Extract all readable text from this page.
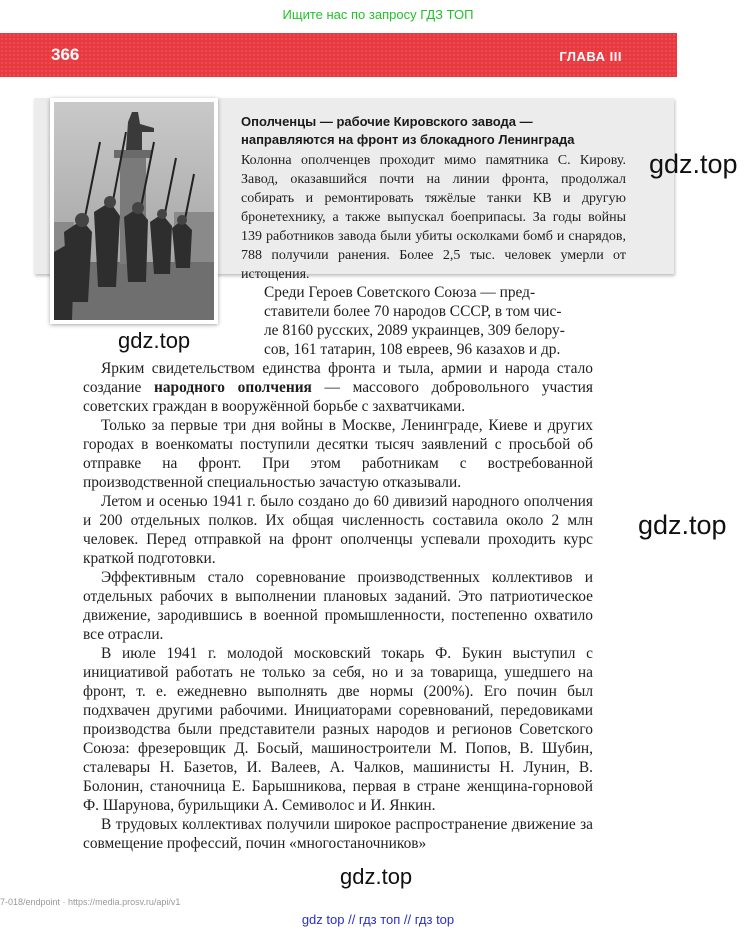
Ищите нас по запросу ГДЗ ТОП
366	ГЛАВА III
Ополченцы — рабочие Кировского завода —
направляются на фронт из блокадного Ленинграда
Колонна ополченцев проходит мимо памятника С. Кирову. Завод, оказавшийся почти на линии фронта, продолжал собирать и ремонтировать тяжёлые танки КВ и другую бронетехнику, а также выпускал боеприпасы. За годы войны 139 работников завода были убиты осколками бомб и снарядов, 788 получили ранения. Более 2,5 тыс. человек умерли от истощения.
gdz.top
gdz.top
gdz.top
gdz.top
Среди Героев Советского Союза — пред-
ставители более 70 народов СССР, в том чис-
ле 8160 русских, 2089 украинцев, 309 белору-
сов, 161 татарин, 108 евреев, 96 казахов и др.

Ярким свидетельством единства фронта и тыла, армии и народа стало создание народного ополчения — массового добровольного участия советских граждан в вооружённой борьбе с захватчиками.

Только за первые три дня войны в Москве, Ленинграде, Киеве и других городах в военкоматы поступили десятки тысяч заявлений с просьбой об отправке на фронт. При этом работникам с востребованной производственной специальностью зачастую отказывали.

Летом и осенью 1941 г. было создано до 60 дивизий народного ополчения и 200 отдельных полков. Их общая численность составила около 2 млн человек. Перед отправкой на фронт ополченцы успевали проходить курс краткой подготовки.

Эффективным стало соревнование производственных коллективов и отдельных рабочих в выполнении плановых заданий. Это патриотическое движение, зародившись в военной промышленности, постепенно охватило все отрасли.

В июле 1941 г. молодой московский токарь Ф. Букин выступил с инициативой работать не только за себя, но и за товарища, ушедшего на фронт, т. е. ежедневно выполнять две нормы (200%). Его почин был подхвачен другими рабочими. Инициаторами соревнований, передовиками производства были представители разных народов и регионов Советского Союза: фрезеровщик Д. Босый, машиностроители М. Попов, В. Шубин, сталевары Н. Базетов, И. Валеев, А. Чалков, машинисты Н. Лунин, В. Болонин, станочница Е. Барышникова, первая в стране женщина-горновой Ф. Шарунова, бурильщики А. Семиволос и И. Янкин.

В трудовых коллективах получили широкое распространение движение за совмещение профессий, почин «многостаночников»

7-018/endpoint · https://media.prosv.ru/api/v1
gdz top // гдз топ // гдз top
